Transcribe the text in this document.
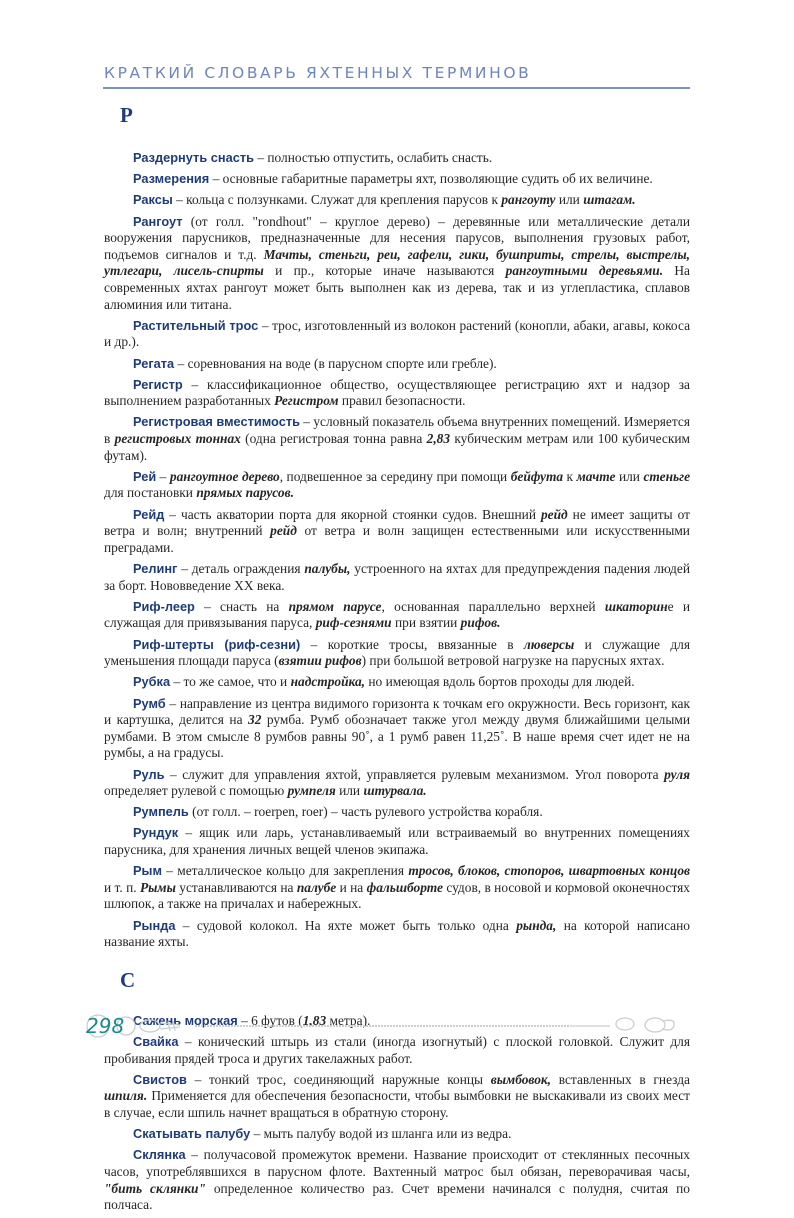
КРАТКИЙ СЛОВАРЬ ЯХТЕННЫХ ТЕРМИНОВ
Р

Раздернуть снасть – полностью отпустить, ослабить снасть.

Размерения – основные габаритные параметры яхт, позволяющие судить об их величине.

Раксы – кольца с ползунками. Служат для крепления парусов к рангоуту или штагам.

Рангоут (от голл. "rondhout" – круглое дерево) – деревянные или металлические детали вооружения парусников, предназначенные для несения парусов, выполнения грузовых работ, подъемов сигналов и т.д. Мачты, стеньги, реи, гафели, гики, бушприты, стрелы, выстрелы, утлегари, лисель-спирты и пр., которые иначе называются рангоутными деревьями. На современных яхтах рангоут может быть выполнен как из дерева, так и из углепластика, сплавов алюминия или титана.

Растительный трос – трос, изготовленный из волокон растений (конопли, абаки, агавы, кокоса и др.).

Регата – соревнования на воде (в парусном спорте или гребле).

Регистр – классификационное общество, осуществляющее регистрацию яхт и надзор за выполнением разработанных Регистром правил безопасности.

Регистровая вместимость – условный показатель объема внутренних помещений. Измеряется в регистровых тоннах (одна регистровая тонна равна 2,83 кубическим метрам или 100 кубическим футам).

Рей – рангоутное дерево, подвешенное за середину при помощи бейфута к мачте или стеньге для постановки прямых парусов.

Рейд – часть акватории порта для якорной стоянки судов. Внешний рейд не имеет защиты от ветра и волн; внутренний рейд от ветра и волн защищен естественными или искусственными преградами.

Релинг – деталь ограждения палубы, устроенного на яхтах для предупреждения падения людей за борт. Нововведение XX века.

Риф-леер – снасть на прямом парусе, основанная параллельно верхней шкаторине и служащая для привязывания паруса, риф-сезнями при взятии рифов.

Риф-штерты (риф-сезни) – короткие тросы, ввязанные в люверсы и служащие для уменьшения площади паруса (взятии рифов) при большой ветровой нагрузке на парусных яхтах.

Рубка – то же самое, что и надстройка, но имеющая вдоль бортов проходы для людей.

Румб – направление из центра видимого горизонта к точкам его окружности. Весь горизонт, как и картушка, делится на 32 румба. Румб обозначает также угол между двумя ближайшими целыми румбами. В этом смысле 8 румбов равны 90˚, а 1 румб равен 11,25˚. В наше время счет идет не на румбы, а на градусы.

Руль – служит для управления яхтой, управляется рулевым механизмом. Угол поворота руля определяет рулевой с помощью румпеля или штурвала.

Румпель (от голл. – roerpen, roer) – часть рулевого устройства корабля.

Рундук – ящик или ларь, устанавливаемый или встраиваемый во внутренних помещениях парусника, для хранения личных вещей членов экипажа.

Рым – металлическое кольцо для закрепления тросов, блоков, стопоров, швартовных концов и т. п. Рымы устанавливаются на палубе и на фальшборте судов, в носовой и кормовой оконечностях шлюпок, а также на причалах и набережных.

Рында – судовой колокол. На яхте может быть только одна рында, на которой написано название яхты.

С

Сажень морская – 6 футов (1,83 метра).

Свайка – конический штырь из стали (иногда изогнутый) с плоской головкой. Служит для пробивания прядей троса и других такелажных работ.

Свистов – тонкий трос, соединяющий наружные концы вымбовок, вставленных в гнезда шпиля. Применяется для обеспечения безопасности, чтобы вымбовки не выскакивали из своих мест в случае, если шпиль начнет вращаться в обратную сторону.

Скатывать палубу – мыть палубу водой из шланга или из ведра.

Склянка – получасовой промежуток времени. Название происходит от стеклянных песочных часов, употреблявшихся в парусном флоте. Вахтенный матрос был обязан, переворачивая часы, "бить склянки" определенное количество раз. Счет времени начинался с полудня, считая по полчаса.

298
